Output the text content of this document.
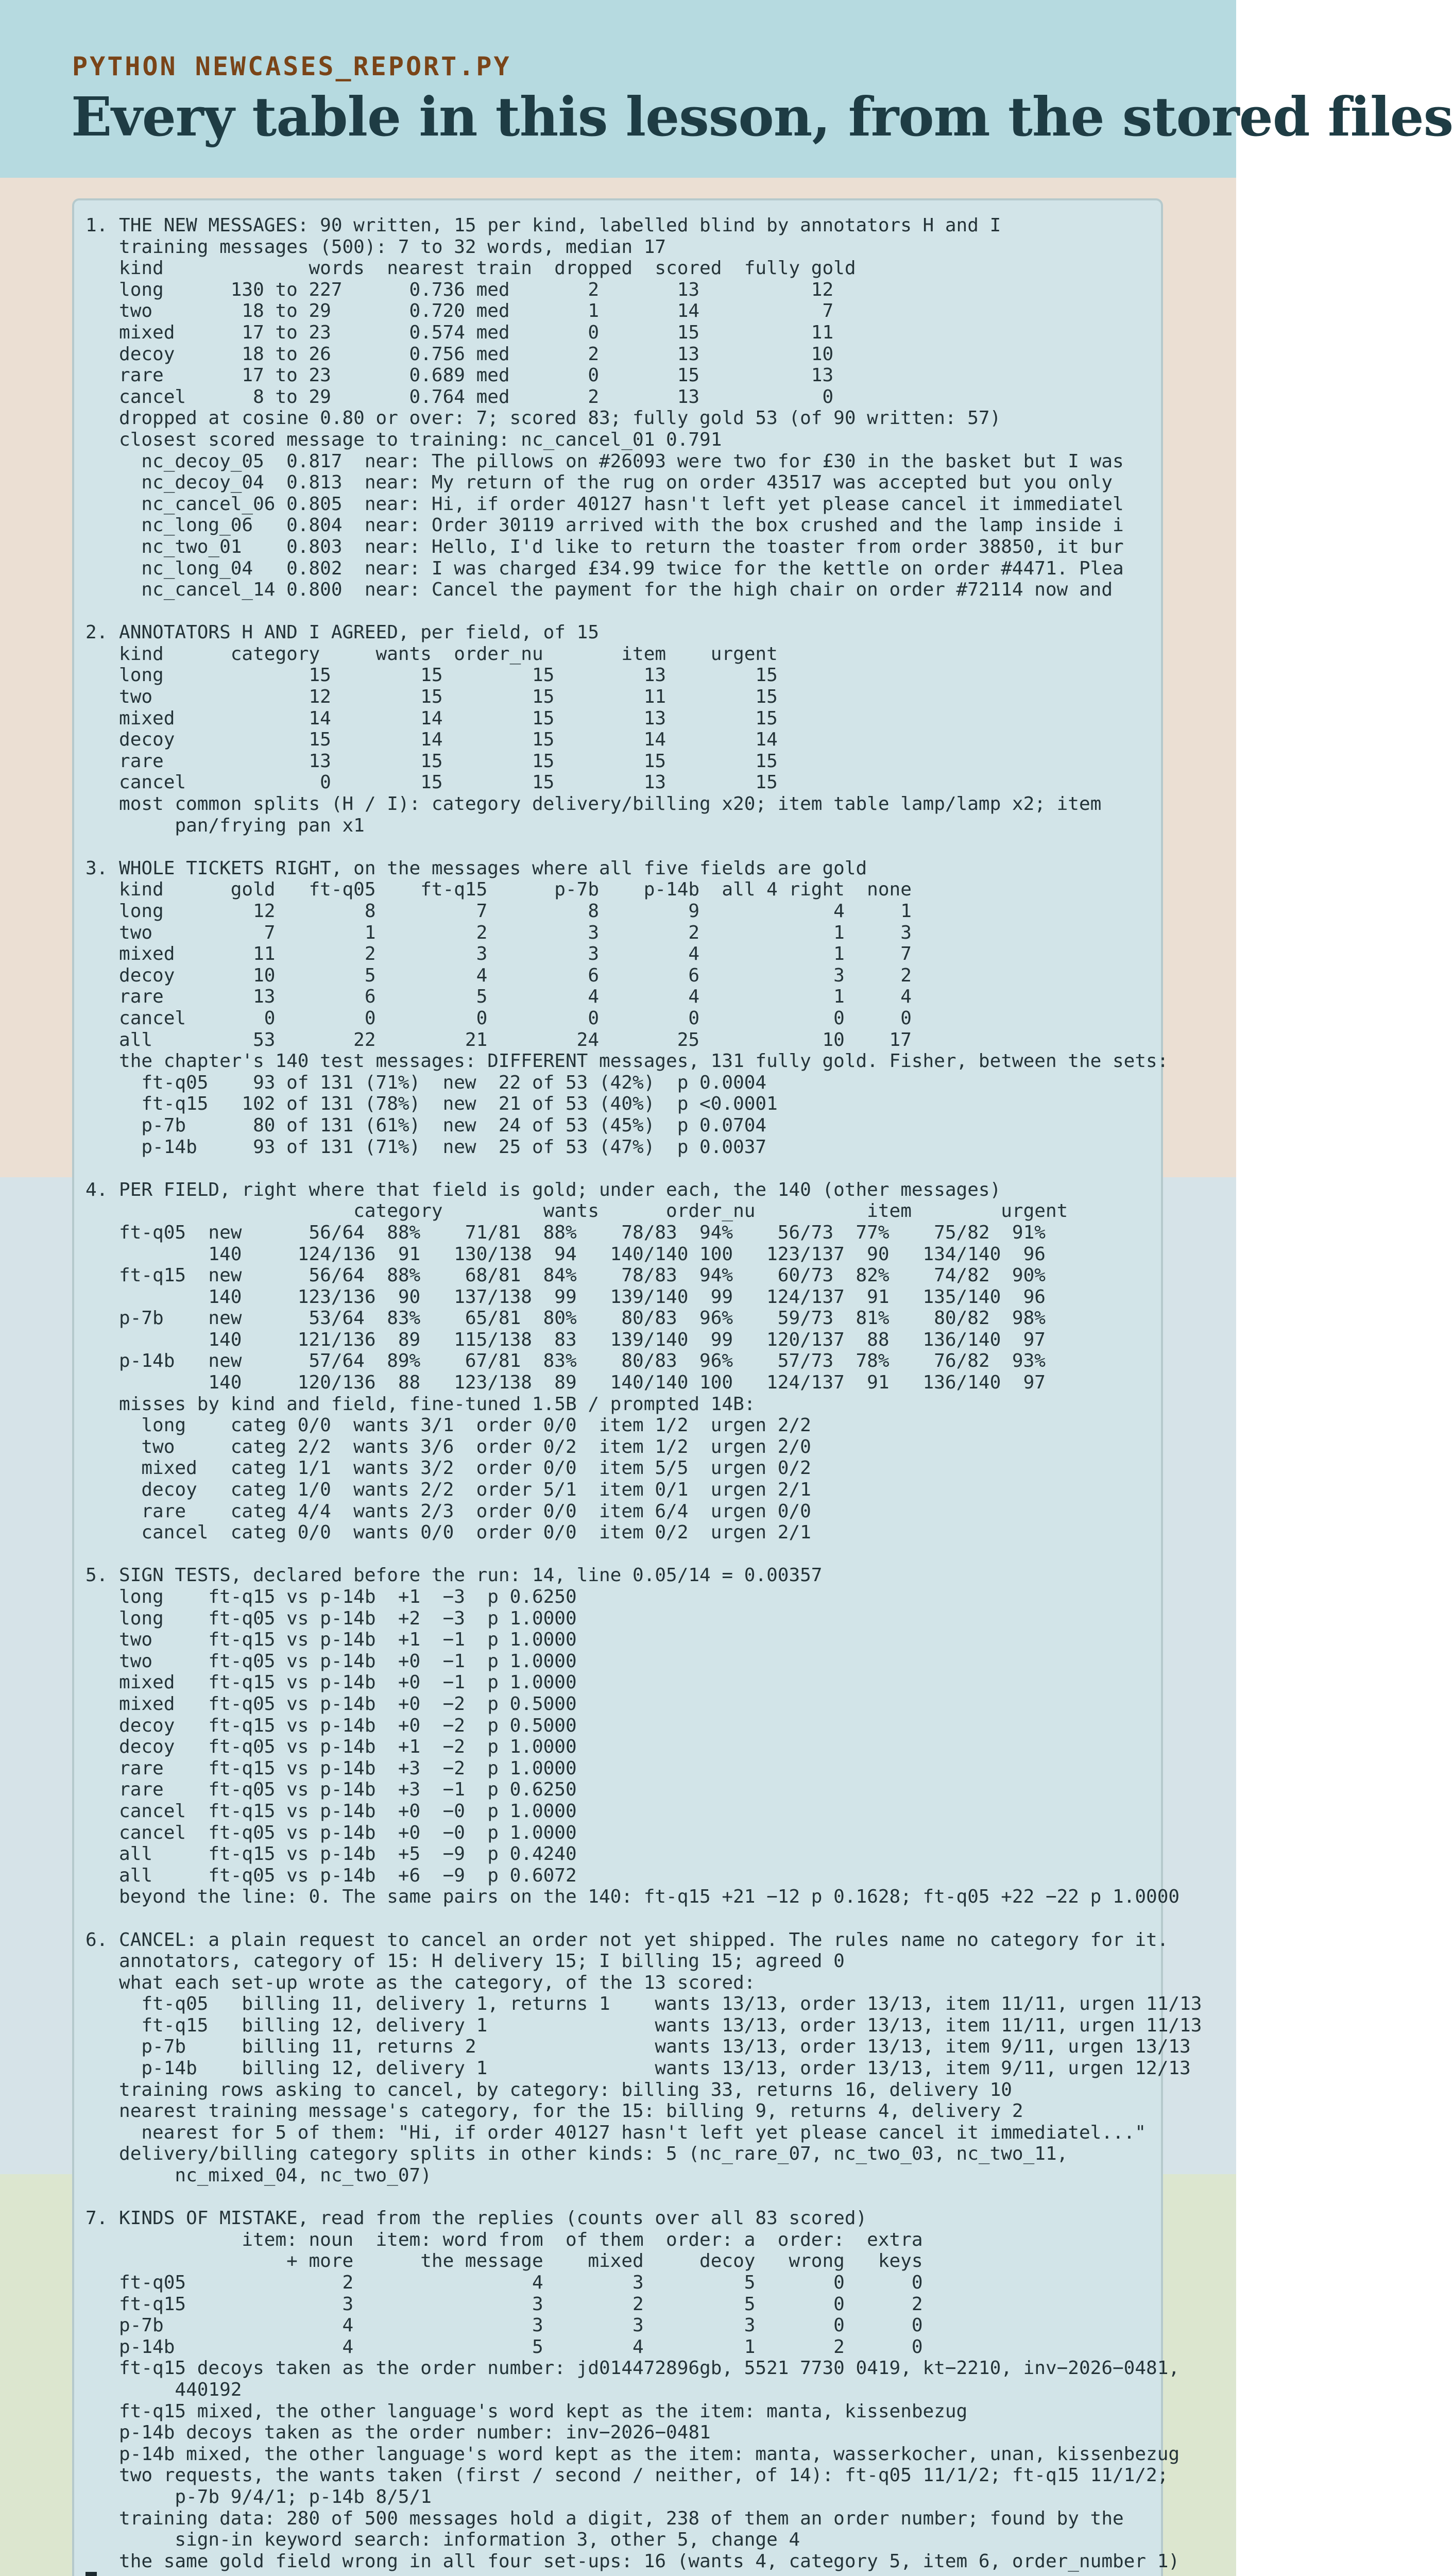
PYTHON NEWCASES_REPORT.PY
Every table in this lesson, from the stored files
1. THE NEW MESSAGES: 90 written, 15 per kind, labelled blind by annotators H and I
training messages (500): 7 to 32 words, median 17
kind             words  nearest train  dropped  scored  fully gold
long      130 to 227      0.736 med       2       13          12
two        18 to 29       0.720 med       1       14           7
mixed      17 to 23       0.574 med       0       15          11
decoy      18 to 26       0.756 med       2       13          10
rare       17 to 23       0.689 med       0       15          13
cancel      8 to 29       0.764 med       2       13           0
dropped at cosine 0.80 or over: 7; scored 83; fully gold 53 (of 90 written: 57)
closest scored message to training: nc_cancel_01 0.791
nc_decoy_05  0.817  near: The pillows on #26093 were two for £30 in the basket but I was
nc_decoy_04  0.813  near: My return of the rug on order 43517 was accepted but you only
nc_cancel_06 0.805  near: Hi, if order 40127 hasn't left yet please cancel it immediatel
nc_long_06   0.804  near: Order 30119 arrived with the box crushed and the lamp inside i
nc_two_01    0.803  near: Hello, I'd like to return the toaster from order 38850, it bur
nc_long_04   0.802  near: I was charged £34.99 twice for the kettle on order #4471. Plea
nc_cancel_14 0.800  near: Cancel the payment for the high chair on order #72114 now and

2. ANNOTATORS H AND I AGREED, per field, of 15
kind      category     wants  order_nu       item    urgent
long             15        15        15        13        15
two              12        15        15        11        15
mixed            14        14        15        13        15
decoy            15        14        15        14        14
rare             13        15        15        15        15
cancel            0        15        15        13        15
most common splits (H / I): category delivery/billing x20; item table lamp/lamp x2; item
pan/frying pan x1

3. WHOLE TICKETS RIGHT, on the messages where all five fields are gold
kind      gold   ft-q05    ft-q15      p-7b    p-14b  all 4 right  none
long        12        8         7         8        9            4     1
two          7        1         2         3        2            1     3
mixed       11        2         3         3        4            1     7
decoy       10        5         4         6        6            3     2
rare        13        6         5         4        4            1     4
cancel       0        0         0         0        0            0     0
all         53       22        21        24       25           10    17
the chapter's 140 test messages: DIFFERENT messages, 131 fully gold. Fisher, between the sets:
ft-q05    93 of 131 (71%)  new  22 of 53 (42%)  p 0.0004
ft-q15   102 of 131 (78%)  new  21 of 53 (40%)  p <0.0001
p-7b      80 of 131 (61%)  new  24 of 53 (45%)  p 0.0704
p-14b     93 of 131 (71%)  new  25 of 53 (47%)  p 0.0037

4. PER FIELD, right where that field is gold; under each, the 140 (other messages)
category         wants      order_nu          item        urgent
ft-q05  new      56/64  88%    71/81  88%    78/83  94%    56/73  77%    75/82  91%
140     124/136  91   130/138  94   140/140 100   123/137  90   134/140  96
ft-q15  new      56/64  88%    68/81  84%    78/83  94%    60/73  82%    74/82  90%
140     123/136  90   137/138  99   139/140  99   124/137  91   135/140  96
p-7b    new      53/64  83%    65/81  80%    80/83  96%    59/73  81%    80/82  98%
140     121/136  89   115/138  83   139/140  99   120/137  88   136/140  97
p-14b   new      57/64  89%    67/81  83%    80/83  96%    57/73  78%    76/82  93%
140     120/136  88   123/138  89   140/140 100   124/137  91   136/140  97
misses by kind and field, fine-tuned 1.5B / prompted 14B:
long    categ 0/0  wants 3/1  order 0/0  item 1/2  urgen 2/2
two     categ 2/2  wants 3/6  order 0/2  item 1/2  urgen 2/0
mixed   categ 1/1  wants 3/2  order 0/0  item 5/5  urgen 0/2
decoy   categ 1/0  wants 2/2  order 5/1  item 0/1  urgen 2/1
rare    categ 4/4  wants 2/3  order 0/0  item 6/4  urgen 0/0
cancel  categ 0/0  wants 0/0  order 0/0  item 0/2  urgen 2/1

5. SIGN TESTS, declared before the run: 14, line 0.05/14 = 0.00357
long    ft-q15 vs p-14b  +1  −3  p 0.6250
long    ft-q05 vs p-14b  +2  −3  p 1.0000
two     ft-q15 vs p-14b  +1  −1  p 1.0000
two     ft-q05 vs p-14b  +0  −1  p 1.0000
mixed   ft-q15 vs p-14b  +0  −1  p 1.0000
mixed   ft-q05 vs p-14b  +0  −2  p 0.5000
decoy   ft-q15 vs p-14b  +0  −2  p 0.5000
decoy   ft-q05 vs p-14b  +1  −2  p 1.0000
rare    ft-q15 vs p-14b  +3  −2  p 1.0000
rare    ft-q05 vs p-14b  +3  −1  p 0.6250
cancel  ft-q15 vs p-14b  +0  −0  p 1.0000
cancel  ft-q05 vs p-14b  +0  −0  p 1.0000
all     ft-q15 vs p-14b  +5  −9  p 0.4240
all     ft-q05 vs p-14b  +6  −9  p 0.6072
beyond the line: 0. The same pairs on the 140: ft-q15 +21 −12 p 0.1628; ft-q05 +22 −22 p 1.0000

6. CANCEL: a plain request to cancel an order not yet shipped. The rules name no category for it.
annotators, category of 15: H delivery 15; I billing 15; agreed 0
what each set-up wrote as the category, of the 13 scored:
ft-q05   billing 11, delivery 1, returns 1    wants 13/13, order 13/13, item 11/11, urgen 11/13
ft-q15   billing 12, delivery 1               wants 13/13, order 13/13, item 11/11, urgen 11/13
p-7b     billing 11, returns 2                wants 13/13, order 13/13, item 9/11, urgen 13/13
p-14b    billing 12, delivery 1               wants 13/13, order 13/13, item 9/11, urgen 12/13
training rows asking to cancel, by category: billing 33, returns 16, delivery 10
nearest training message's category, for the 15: billing 9, returns 4, delivery 2
nearest for 5 of them: "Hi, if order 40127 hasn't left yet please cancel it immediatel..."
delivery/billing category splits in other kinds: 5 (nc_rare_07, nc_two_03, nc_two_11,
nc_mixed_04, nc_two_07)

7. KINDS OF MISTAKE, read from the replies (counts over all 83 scored)
item: noun  item: word from  of them  order: a  order:  extra
+ more      the message    mixed     decoy   wrong   keys
ft-q05              2                4        3         5       0      0
ft-q15              3                3        2         5       0      2
p-7b                4                3        3         3       0      0
p-14b               4                5        4         1       2      0
ft-q15 decoys taken as the order number: jd014472896gb, 5521 7730 0419, kt−2210, inv−2026−0481,
440192
ft-q15 mixed, the other language's word kept as the item: manta, kissenbezug
p-14b decoys taken as the order number: inv−2026−0481
p-14b mixed, the other language's word kept as the item: manta, wasserkocher, unan, kissenbezug
two requests, the wants taken (first / second / neither, of 14): ft-q05 11/1/2; ft-q15 11/1/2;
p-7b 9/4/1; p-14b 8/5/1
training data: 280 of 500 messages hold a digit, 238 of them an order number; found by the
sign-in keyword search: information 3, other 5, change 4
the same gold field wrong in all four set-ups: 16 (wants 4, category 5, item 6, order_number 1)
